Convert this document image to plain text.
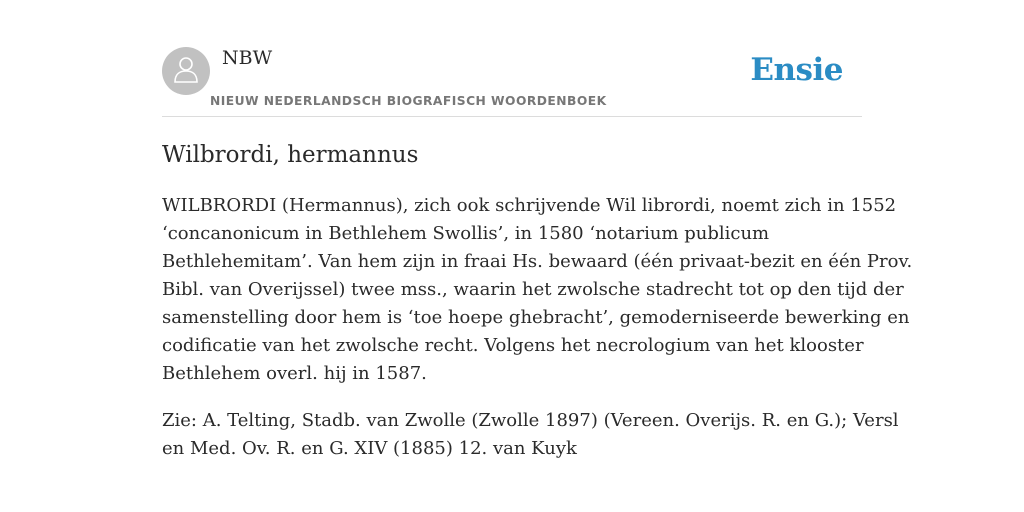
NBW
NIEUW NEDERLANDSCH BIOGRAFISCH WOORDENBOEK
Ensie
Wilbrordi, hermannus

WILBRORDI (Hermannus), zich ook schrijvende Wil librordi, noemt zich in 1552
‘concanonicum in Bethlehem Swollis’, in 1580 ‘notarium publicum
Bethlehemitam’. Van hem zijn in fraai Hs. bewaard (één privaat-bezit en één Prov.
Bibl. van Overijssel) twee mss., waarin het zwolsche stadrecht tot op den tijd der
samenstelling door hem is ‘toe hoepe ghebracht’, gemoderniseerde bewerking en
codificatie van het zwolsche recht. Volgens het necrologium van het klooster
Bethlehem overl. hij in 1587.

Zie: A. Telting, Stadb. van Zwolle (Zwolle 1897) (Vereen. Overijs. R. en G.); Versl
en Med. Ov. R. en G. XIV (1885) 12. van Kuyk
